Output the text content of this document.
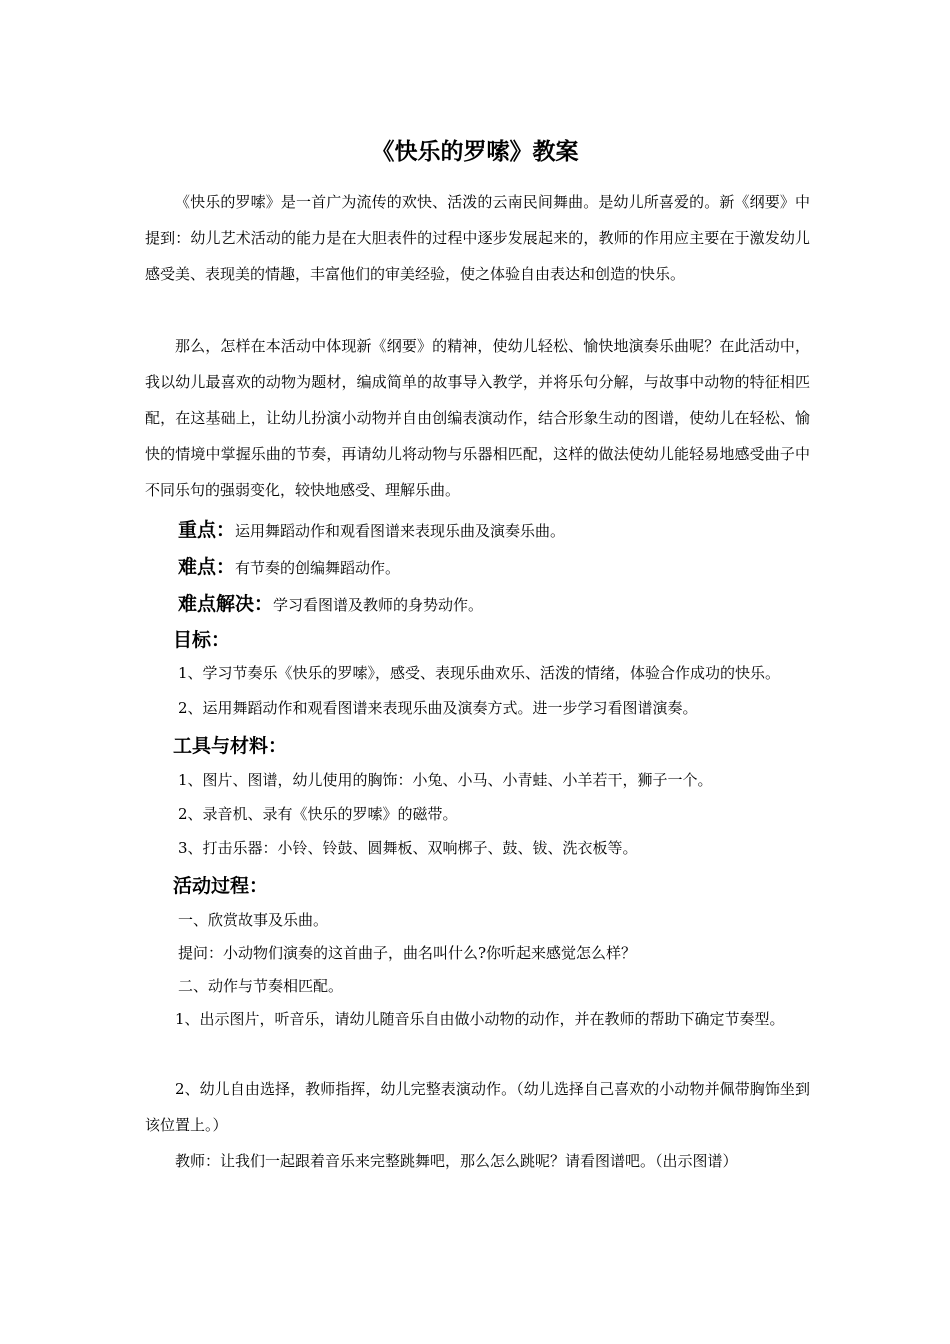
《快乐的罗嗦》教案
《快乐的罗嗦》是一首广为流传的欢快、活泼的云南民间舞曲。是幼儿所喜爱的。新《纲要》中提到：幼儿艺术活动的能力是在大胆表件的过程中逐步发展起来的，教师的作用应主要在于激发幼儿感受美、表现美的情趣，丰富他们的审美经验，使之体验自由表达和创造的快乐。
那么，怎样在本活动中体现新《纲要》的精神，使幼儿轻松、愉快地演奏乐曲呢？在此活动中，我以幼儿最喜欢的动物为题材，编成简单的故事导入教学，并将乐句分解，与故事中动物的特征相匹配，在这基础上，让幼儿扮演小动物并自由创编表演动作，结合形象生动的图谱，使幼儿在轻松、愉快的情境中掌握乐曲的节奏，再请幼儿将动物与乐器相匹配，这样的做法使幼儿能轻易地感受曲子中不同乐句的强弱变化，较快地感受、理解乐曲。
重点：运用舞蹈动作和观看图谱来表现乐曲及演奏乐曲。
难点：有节奏的创编舞蹈动作。
难点解决：学习看图谱及教师的身势动作。
目标：
1、学习节奏乐《快乐的罗嗦》，感受、表现乐曲欢乐、活泼的情绪，体验合作成功的快乐。
2、运用舞蹈动作和观看图谱来表现乐曲及演奏方式。进一步学习看图谱演奏。
工具与材料：
1、图片、图谱，幼儿使用的胸饰：小兔、小马、小青蛙、小羊若干，狮子一个。
2、录音机、录有《快乐的罗嗦》的磁带。
3、打击乐器：小铃、铃鼓、圆舞板、双响梆子、鼓、钹、洗衣板等。
活动过程：
一、欣赏故事及乐曲。
提问：小动物们演奏的这首曲子，曲名叫什么?你听起来感觉怎么样？
二、动作与节奏相匹配。
1、出示图片，听音乐，请幼儿随音乐自由做小动物的动作，并在教师的帮助下确定节奏型。
2、幼儿自由选择，教师指挥，幼儿完整表演动作。（幼儿选择自己喜欢的小动物并佩带胸饰坐到该位置上。）
教师：让我们一起跟着音乐来完整跳舞吧，那么怎么跳呢？请看图谱吧。（出示图谱）
